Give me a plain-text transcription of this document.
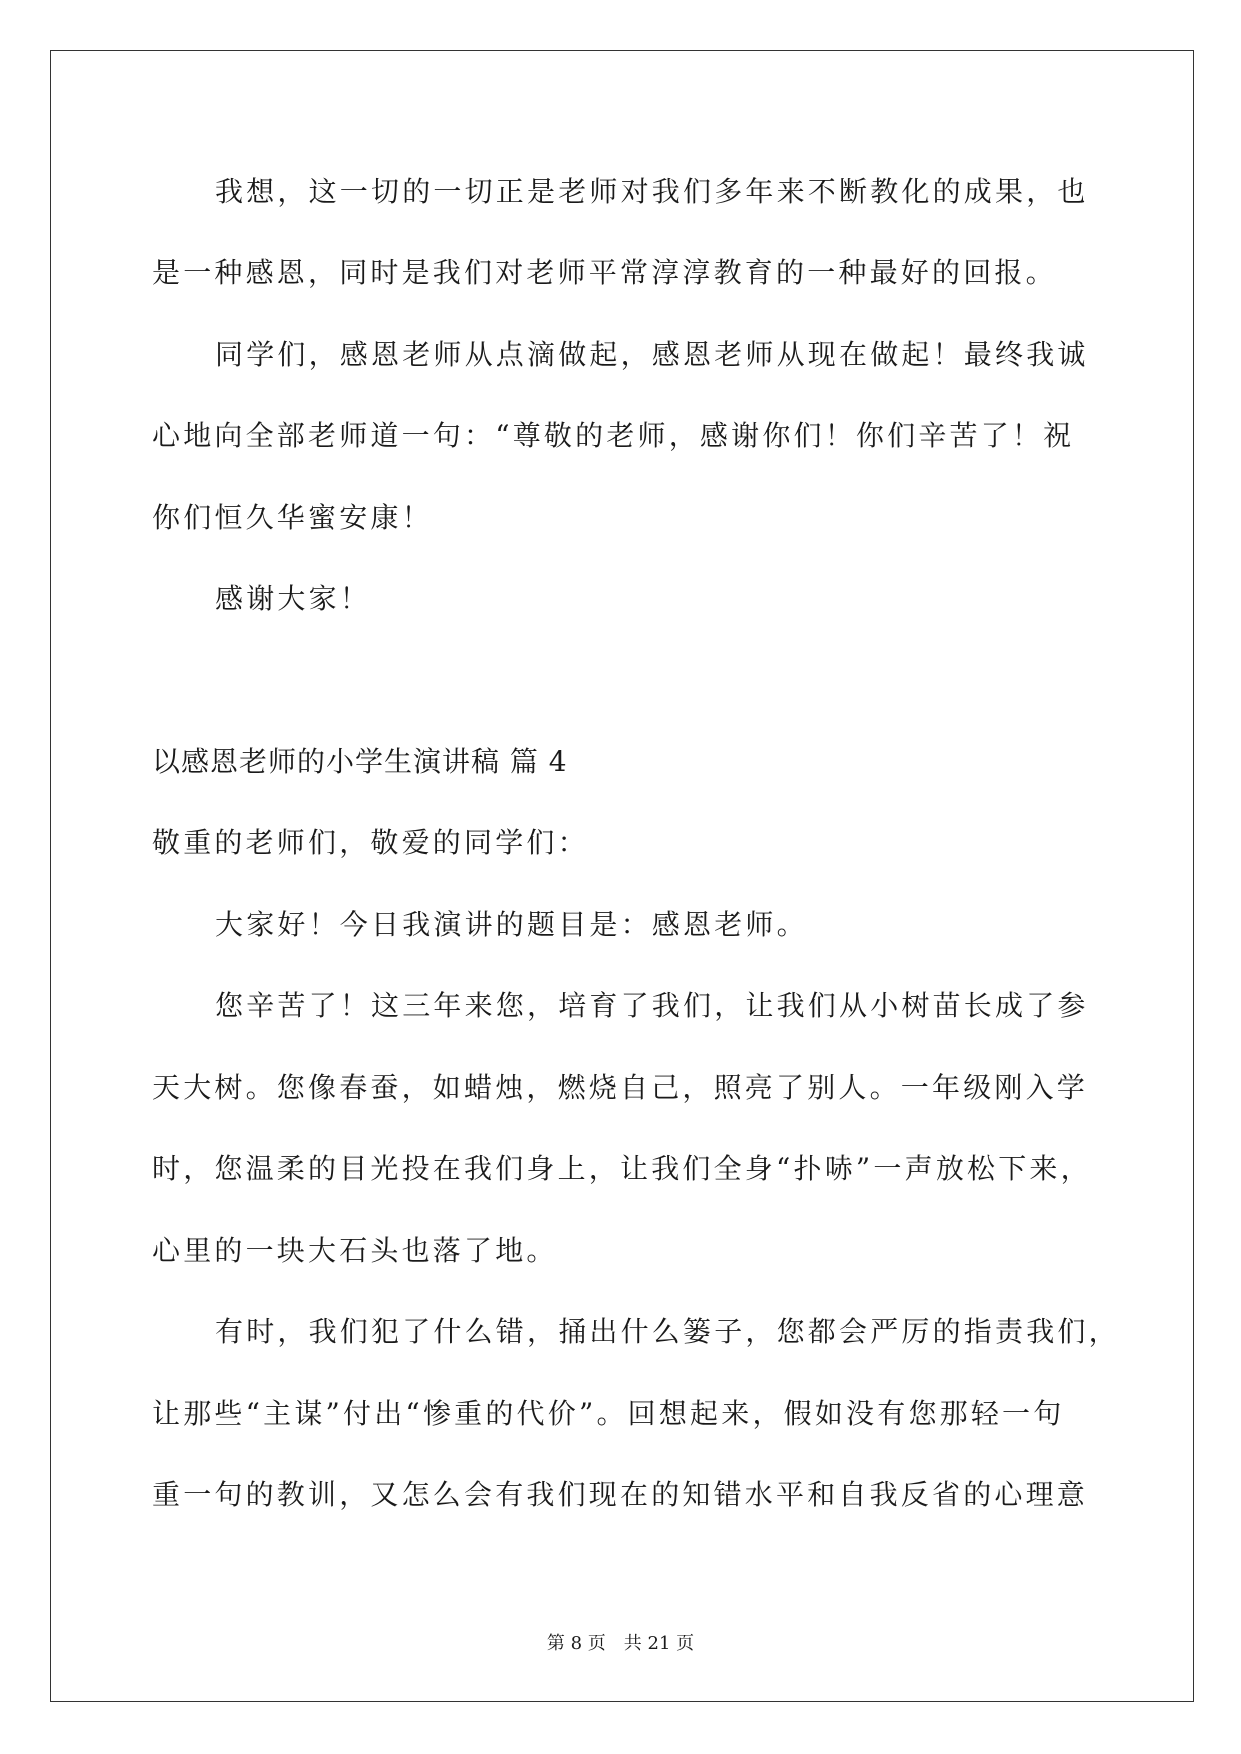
我想，这一切的一切正是老师对我们多年来不断教化的成果，也
是一种感恩，同时是我们对老师平常淳淳教育的一种最好的回报。
同学们，感恩老师从点滴做起，感恩老师从现在做起！最终我诚
心地向全部老师道一句：“尊敬的老师，感谢你们！你们辛苦了！祝
你们恒久华蜜安康！
感谢大家！
以感恩老师的小学生演讲稿 篇 4
敬重的老师们，敬爱的同学们：
大家好！今日我演讲的题目是：感恩老师。
您辛苦了！这三年来您，培育了我们，让我们从小树苗长成了参
天大树。您像春蚕，如蜡烛，燃烧自己，照亮了别人。一年级刚入学
时，您温柔的目光投在我们身上，让我们全身“扑哧”一声放松下来，
心里的一块大石头也落了地。
有时，我们犯了什么错，捅出什么篓子，您都会严厉的指责我们，
让那些“主谋”付出“惨重的代价”。回想起来，假如没有您那轻一句
重一句的教训，又怎么会有我们现在的知错水平和自我反省的心理意
第 8 页 共 21 页
